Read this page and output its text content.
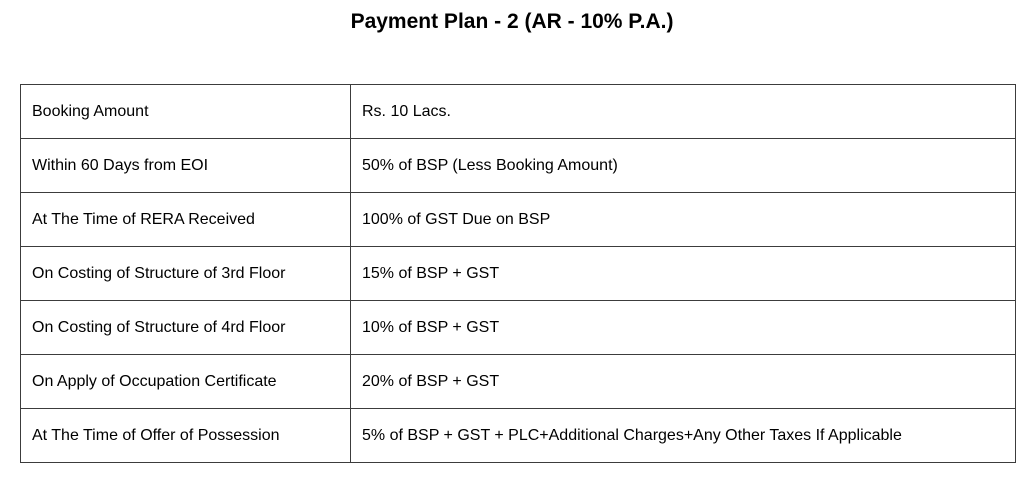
Payment Plan - 2 (AR - 10% P.A.)
Booking Amount	Rs. 10 Lacs.
Within 60 Days from EOI	50% of BSP (Less Booking Amount)
At The Time of RERA Received	100% of GST Due on BSP
On Costing of Structure of 3rd Floor	15% of BSP + GST
On Costing of Structure of 4rd Floor	10% of BSP + GST
On Apply of Occupation Certificate	20% of BSP + GST
At The Time of Offer of Possession	5% of BSP + GST + PLC+Additional Charges+Any Other Taxes If Applicable
